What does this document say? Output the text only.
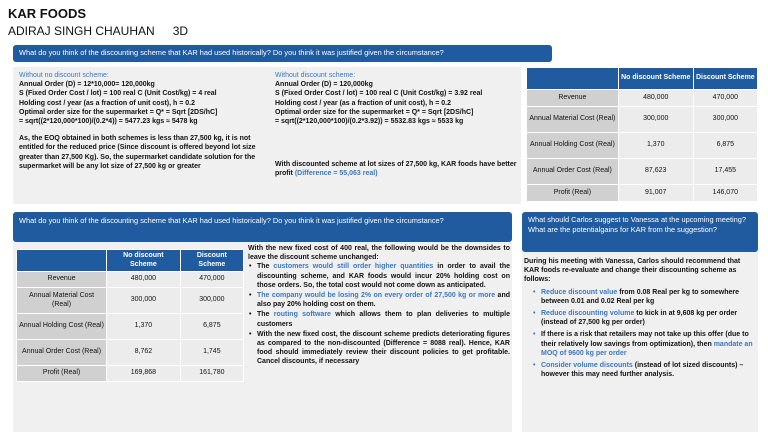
KAR FOODS
ADIRAJ SINGH CHAUHAN 3D
What do you think of the discounting scheme that KAR had used historically? Do you think it was justified given the circumstance?
Without no discount scheme:
Annual Order (D) = 12*10,000= 120,000kg
S (Fixed Order Cost / lot) = 100 real C (Unit Cost/kg) = 4 real
Holding cost / year (as a fraction of unit cost), h = 0.2
Optimal order size for the supermarket = Q* = Sqrt [2DS/hC]
= sqrt((2*120,000*100)/(0.2*4)) = 5477.23 kgs ≈ 5478 kg
As, the EOQ obtained in both schemes is less than 27,500 kg, it is not entitled for the reduced price (Since discount is offered beyond lot size greater than 27,500 Kg). So, the supermarket candidate solution for the supermarket will be any lot size of 27,500 kg or greater
Without discount scheme:
Annual Order (D) = 120,000kg
S (Fixed Order Cost / lot) = 100 real C (Unit Cost/kg) = 3.92 real
Holding cost / year (as a fraction of unit cost), h = 0.2
Optimal order size for the supermarket = Q* = Sqrt [2DS/hC]
= sqrt((2*120,000*100)/(0.2*3.92)) = 5532.83 kgs ≈ 5533 kg
With discounted scheme at lot sizes of 27,500 kg, KAR foods have better profit (Difference = 55,063 real)
	No discount Scheme	Discount Scheme
Revenue	480,000	470,000
Annual Material Cost (Real)	300,000	300,000
Annual Holding Cost (Real)	1,370	6,875
Annual Order Cost (Real)	87,623	17,455
Profit (Real)	91,007	146,070
What do you think of the discounting scheme that KAR had used historically? Do you think it was justified given the circumstance?
	No discount Scheme	Discount Scheme
Revenue	480,000	470,000
Annual Material Cost (Real)	300,000	300,000
Annual Holding Cost (Real)	1,370	6,875
Annual Order Cost (Real)	8,762	1,745
Profit (Real)	169,868	161,780
With the new fixed cost of 400 real, the following would be the downsides to leave the discount scheme unchanged:
• The customers would still order higher quantities in order to avail the discounting scheme, and KAR foods would incur 20% holding cost on those orders. So, the total cost would not come down as anticipated.
• The company would be losing 2% on every order of 27,500 kg or more and also pay 20% holding cost on them.
• The routing software which allows them to plan deliveries to multiple customers
• With the new fixed cost, the discount scheme predicts deteriorating figures as compared to the non-discounted (Difference = 8088 real). Hence, KAR food should immediately review their discount policies to get profitable. Cancel discounts, if necessary
What should Carlos suggest to Vanessa at the upcoming meeting? What are the potentialgains for KAR from the suggestion?
During his meeting with Vanessa, Carlos should recommend that KAR foods re-evaluate and change their discounting scheme as follows:
• Reduce discount value from 0.08 Real per kg to somewhere between 0.01 and 0.02 Real per kg
• Reduce discounting volume to kick in at 9,608 kg per order (instead of 27,500 kg per order)
• If there is a risk that retailers may not take up this offer (due to their relatively low savings from optimization), then mandate an MOQ of 9600 kg per order
• Consider volume discounts (instead of lot sized discounts) – however this may need further analysis.
